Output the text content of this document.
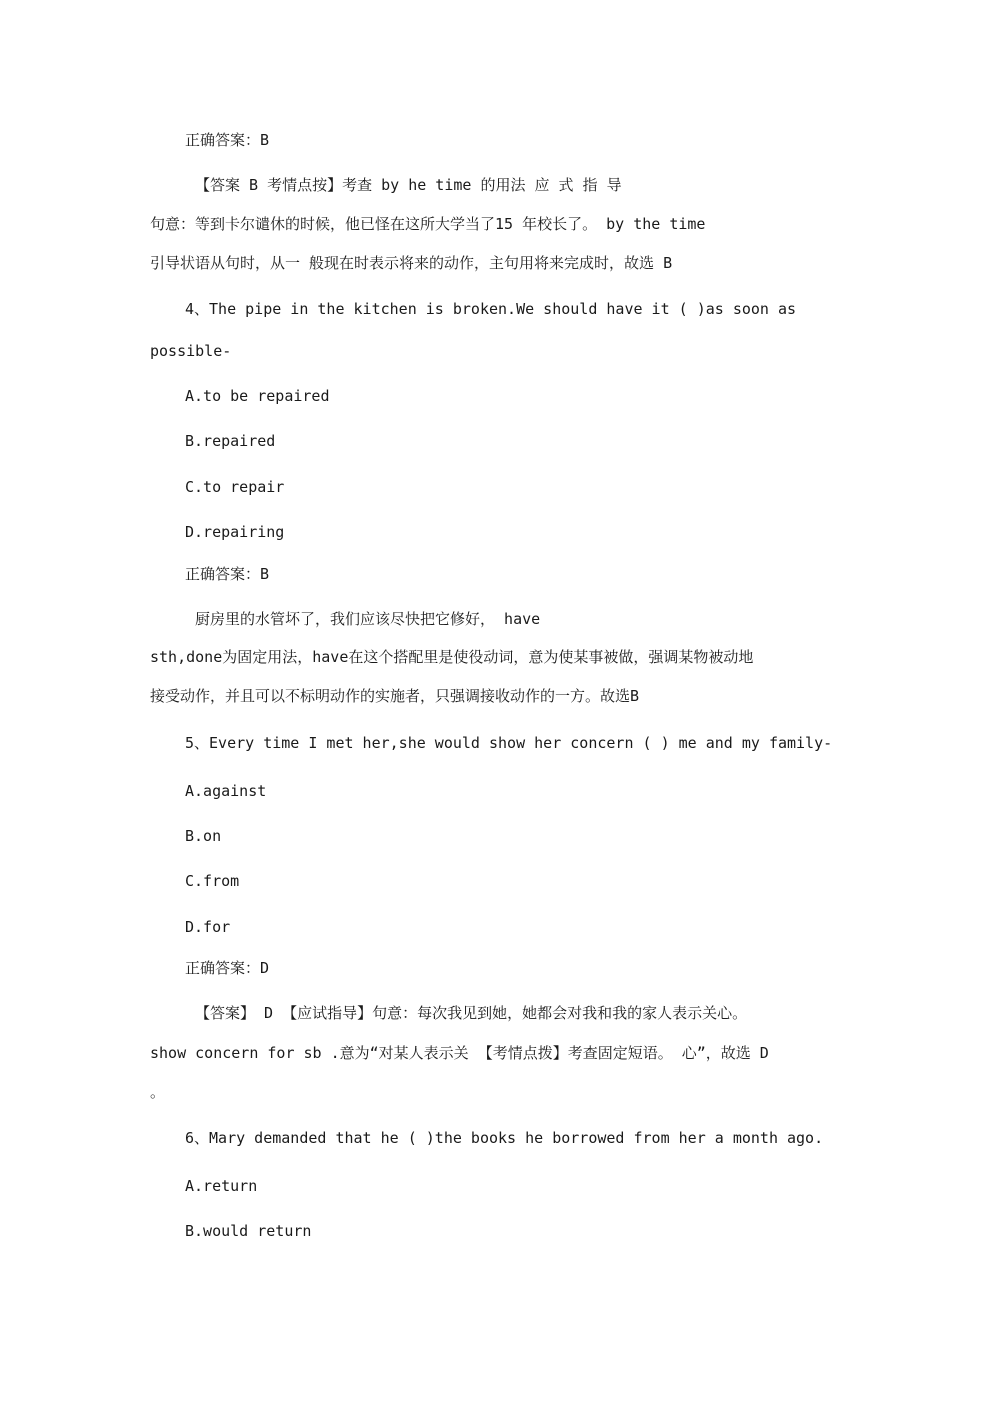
正确答案：B
【答案 B 考情点按】考查 by he time 的用法 应 式 指 导
句意：等到卡尔谴休的时候，他已怪在这所大学当了15 年校长了。 by the time
引导状语从句时，从一 般现在时表示将来的动作，主句用将来完成时，故选 B
4、The pipe in the kitchen is broken.We should have it ( )as soon as
possible-
A.to be repaired
B.repaired
C.to repair
D.repairing
正确答案：B
厨房里的水管坏了，我们应该尽快把它修好， have
sth,done为固定用法，have在这个搭配里是使役动词，意为使某事被做，强调某物被动地
接受动作，并且可以不标明动作的实施者，只强调接收动作的一方。故选B
5、Every time I met her,she would show her concern ( ) me and my family-
A.against
B.on
C.from
D.for
正确答案：D
【答案】 D 【应试指导】句意：每次我见到她，她都会对我和我的家人表示关心。
show concern for sb .意为“对某人表示关 【考情点拨】考查固定短语。 心”，故选 D
。
6、Mary demanded that he ( )the books he borrowed from her a month ago.
A.return
B.would return
